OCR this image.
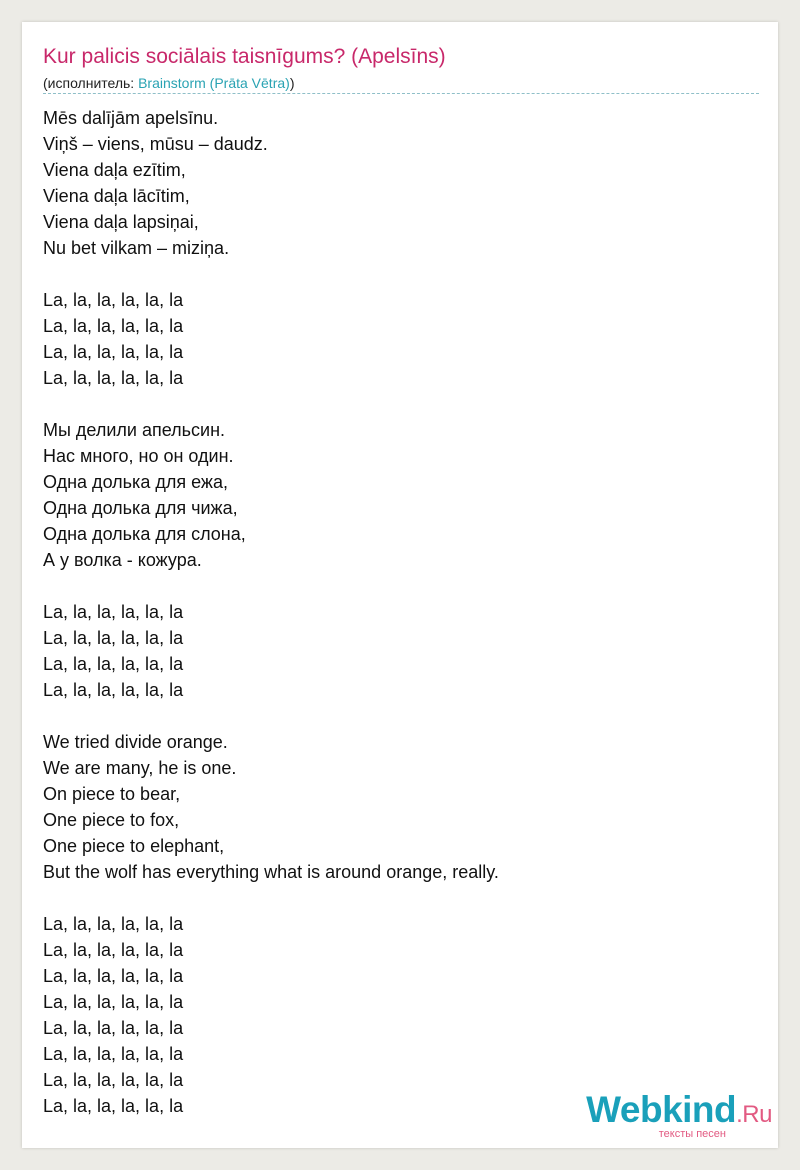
Kur palicis sociālais taisnīgums? (Apelsīns)
(исполнитель: Brainstorm (Prāta Vētra))
Mēs dalījām apelsīnu.
Viņš – viens, mūsu – daudz.
Viena daļa ezītim,
Viena daļa lācītim,
Viena daļa lapsiņai,
Nu bet vilkam – miziņa.
La, la, la, la, la, la
La, la, la, la, la, la
La, la, la, la, la, la
La, la, la, la, la, la
Мы делили апельсин.
Нас много, но он один.
Одна долька для ежа,
Одна долька для чижа,
Одна долька для слона,
А у волка - кожура.
La, la, la, la, la, la
La, la, la, la, la, la
La, la, la, la, la, la
La, la, la, la, la, la
We tried divide orange.
We are many, he is one.
On piece to bear,
One piece to fox,
One piece to elephant,
But the wolf has everything what is around orange, really.
La, la, la, la, la, la
La, la, la, la, la, la
La, la, la, la, la, la
La, la, la, la, la, la
La, la, la, la, la, la
La, la, la, la, la, la
La, la, la, la, la, la
La, la, la, la, la, la	Webkind.Ru
тексты песен
